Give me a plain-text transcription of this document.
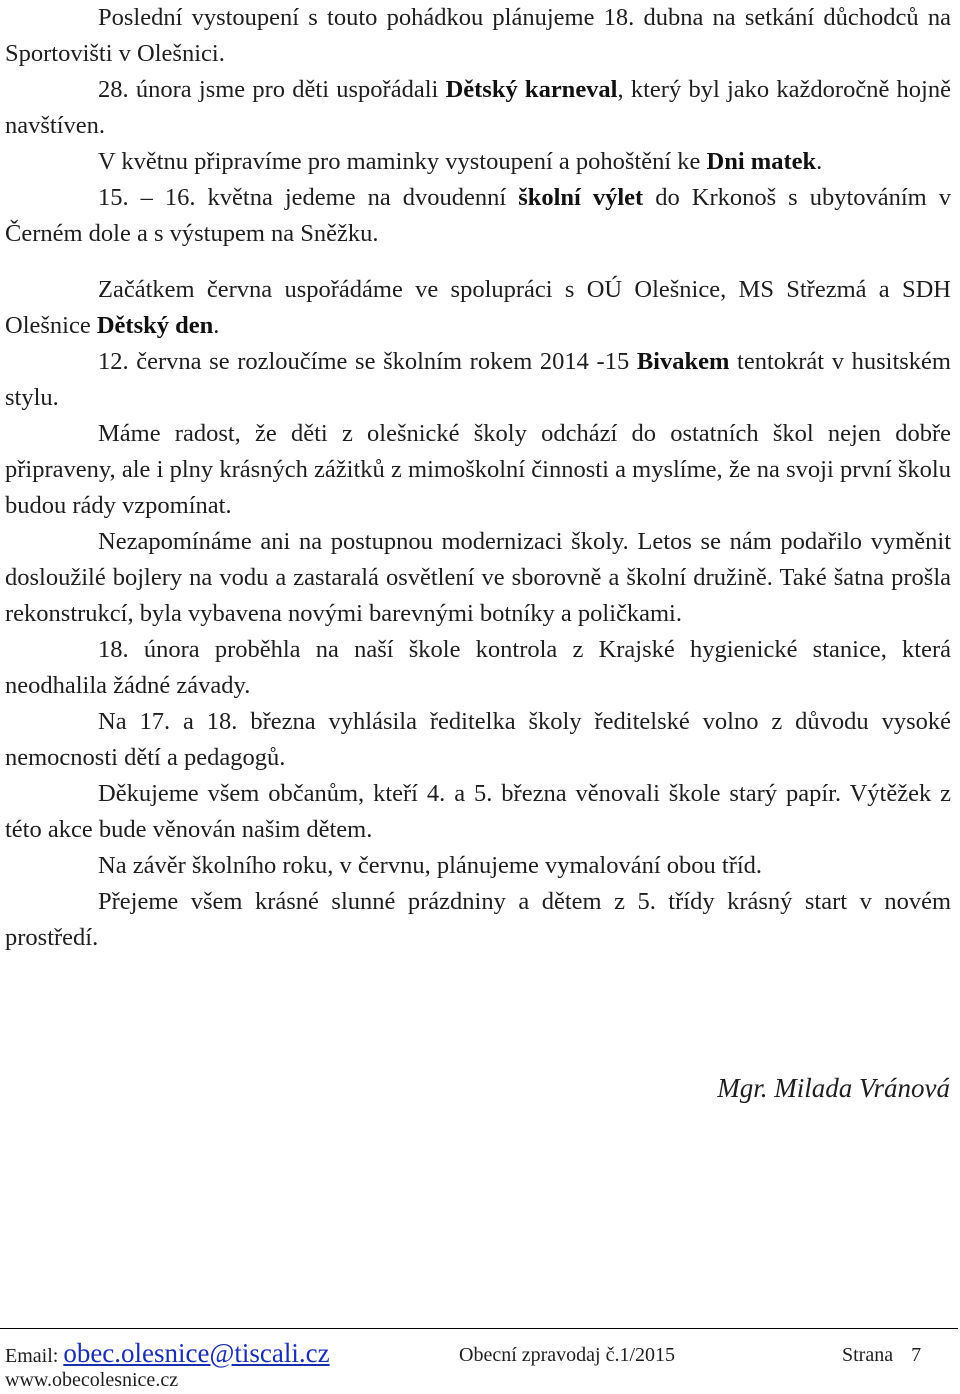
Poslední vystoupení s touto pohádkou plánujeme 18. dubna na setkání důchodců na Sportovišti v Olešnici.

28. února jsme pro děti uspořádali Dětský karneval, který byl jako každoročně hojně navštíven.

V květnu připravíme pro maminky vystoupení a pohoštění ke Dni matek.

15. – 16. května jedeme na dvoudenní školní výlet do Krkonoš s ubytováním v Černém dole a s výstupem na Sněžku.

Začátkem června uspořádáme ve spolupráci s OÚ Olešnice, MS Střezmá a SDH Olešnice Dětský den.

12. června se rozloučíme se školním rokem 2014 -15 Bivakem tentokrát v husitském stylu.

Máme radost, že děti z olešnické školy odchází do ostatních škol nejen dobře připraveny, ale i plny krásných zážitků z mimoškolní činnosti a myslíme, že na svoji první školu budou rády vzpomínat.

Nezapomínáme ani na postupnou modernizaci školy. Letos se nám podařilo vyměnit dosloužilé bojlery na vodu a zastaralá osvětlení ve sborovně a školní družině. Také šatna prošla rekonstrukcí, byla vybavena novými barevnými botníky a poličkami.

18. února proběhla na naší škole kontrola z Krajské hygienické stanice, která neodhalila žádné závady.

Na 17. a 18. března vyhlásila ředitelka školy ředitelské volno z důvodu vysoké nemocnosti dětí a pedagogů.

Děkujeme všem občanům, kteří 4. a 5. března věnovali škole starý papír. Výtěžek z této akce bude věnován našim dětem.

Na závěr školního roku, v červnu, plánujeme vymalování obou tříd.

Přejeme všem krásné slunné prázdniny a dětem z 5. třídy krásný start v novém prostředí.

Mgr. Milada Vránová
Email: obec.olesnice@tiscali.cz
www.obecolesnice.cz
Obecní zpravodaj č.1/2015	Strana 7
